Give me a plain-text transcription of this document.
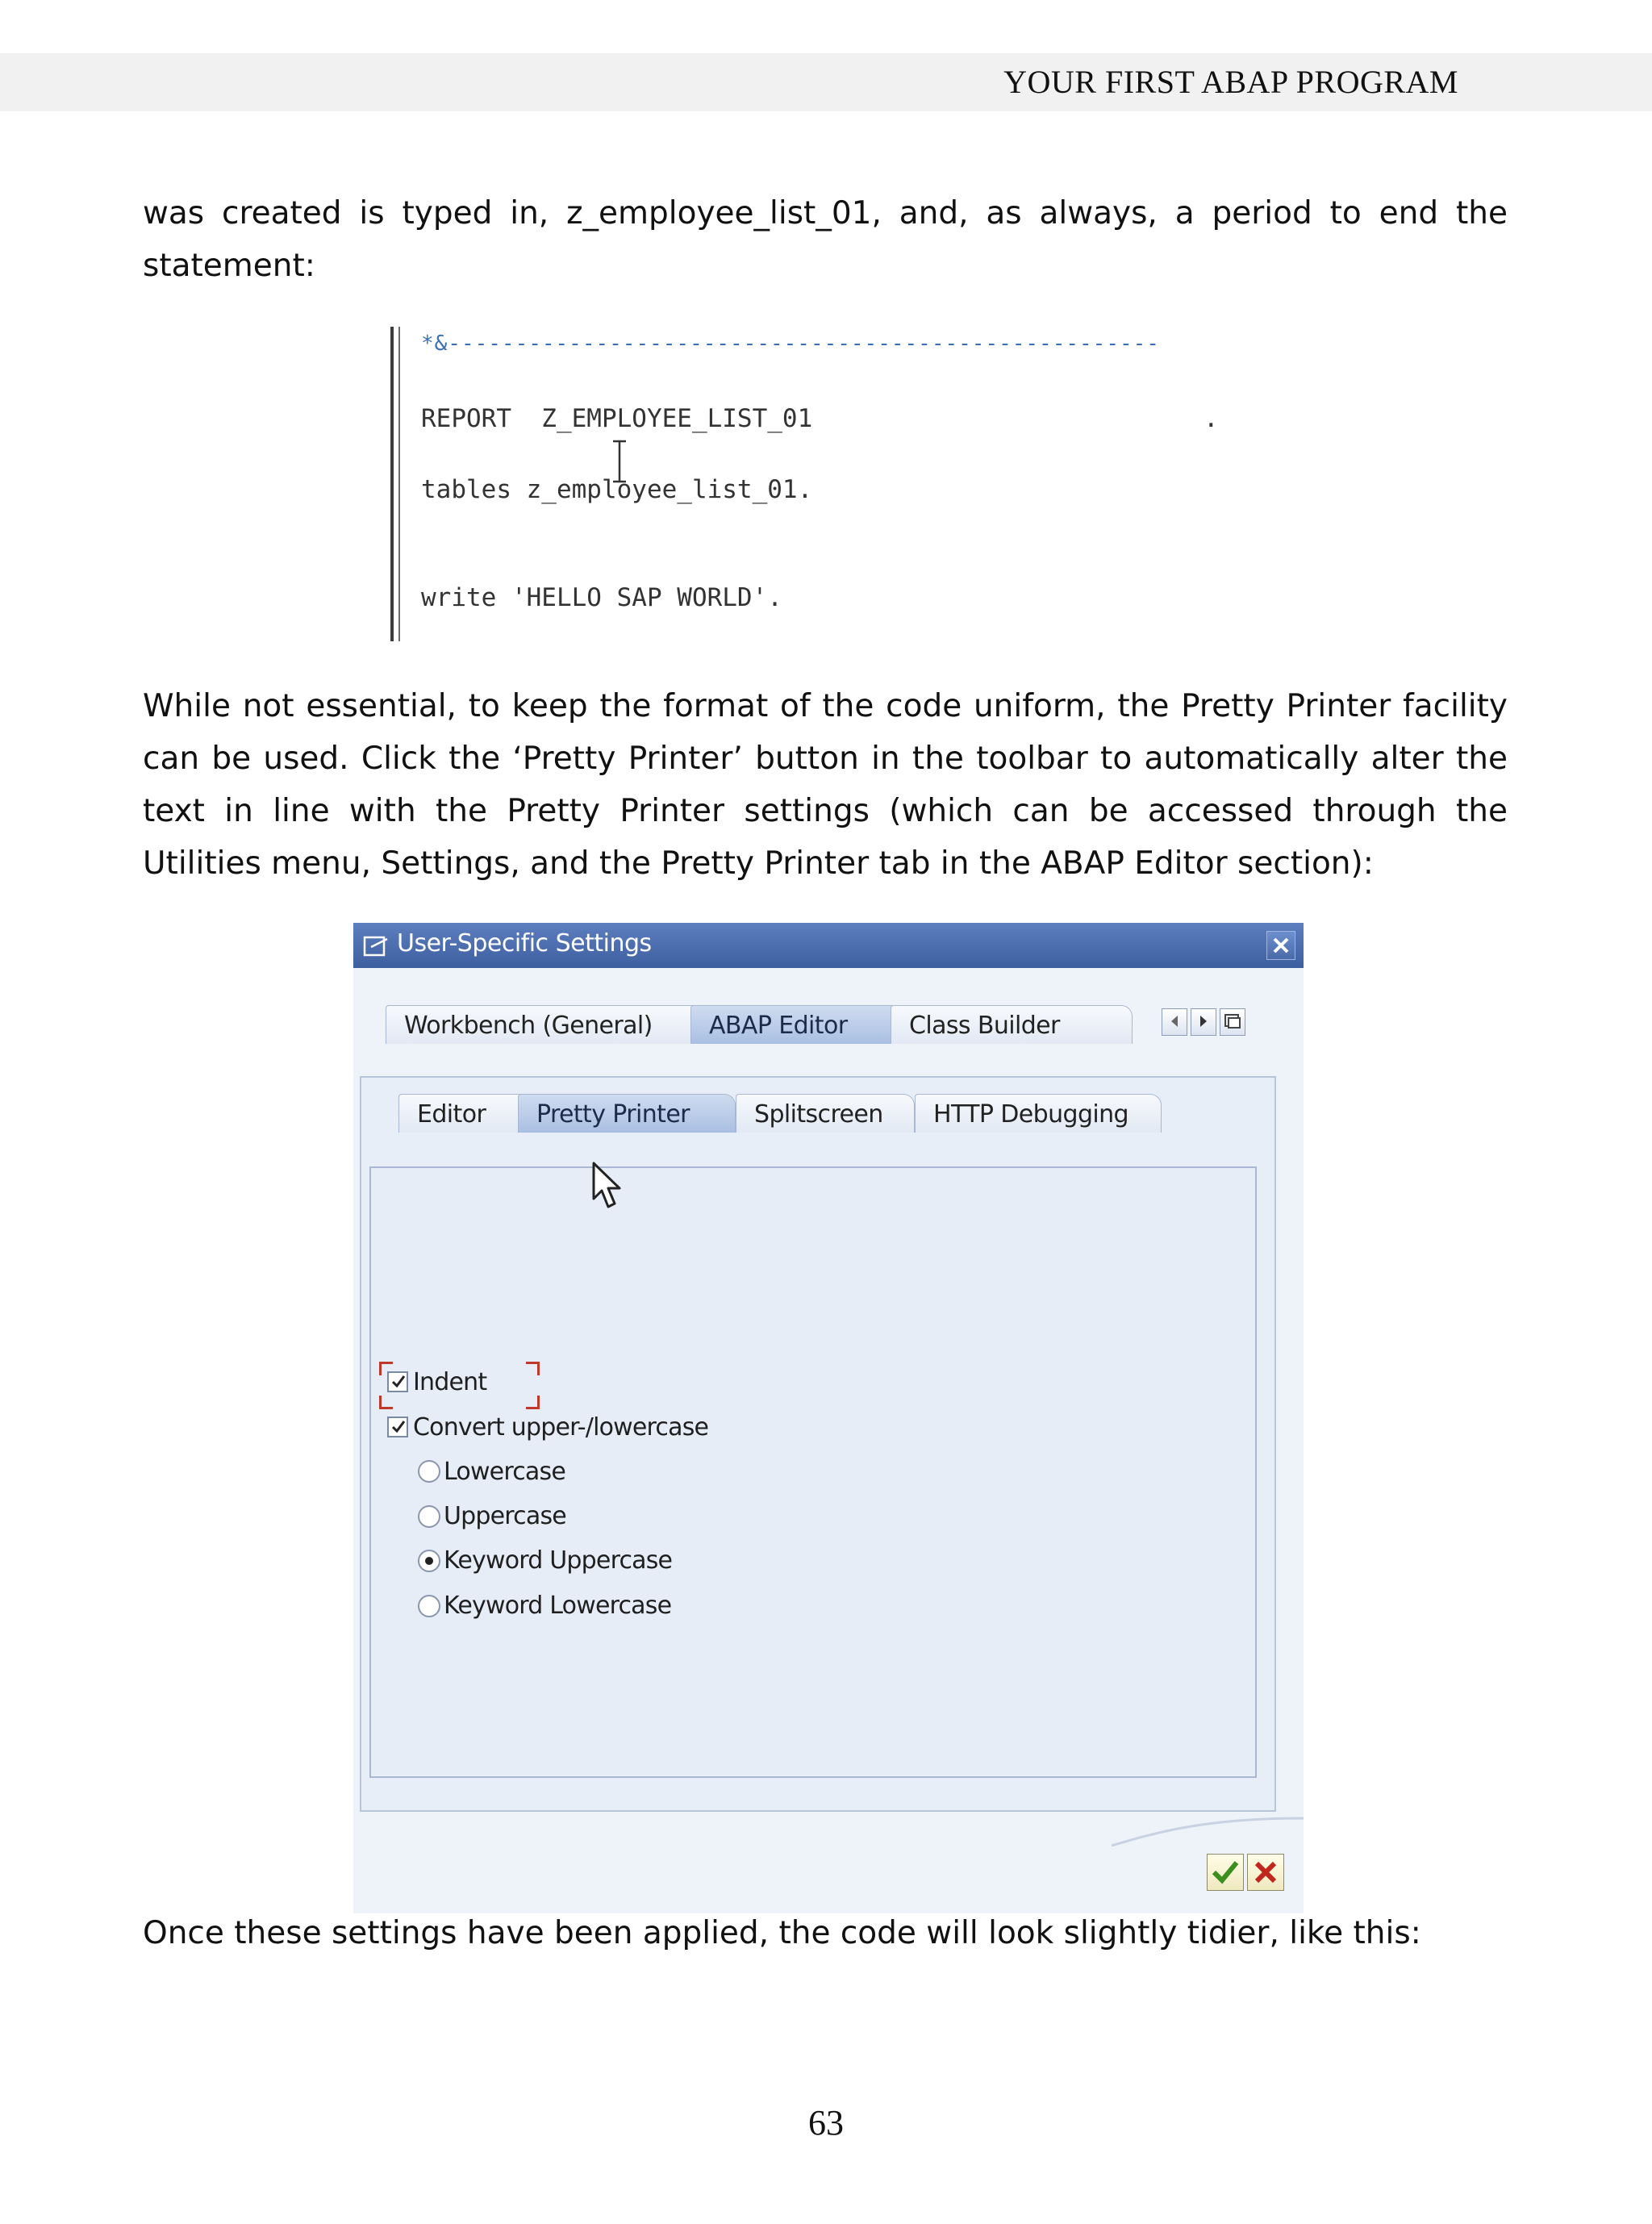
YOUR FIRST ABAP PROGRAM

was created is typed in, z_employee_list_01, and, as always, a period to end the statement:

*&-----------------------------------------------------
REPORT  Z_EMPLOYEE_LIST_01	.
tables z_employee_list_01.
write 'HELLO SAP WORLD'.

While not essential, to keep the format of the code uniform, the Pretty Printer facility can be used. Click the ‘Pretty Printer’ button in the toolbar to automatically alter the text in line with the Pretty Printer settings (which can be accessed through the Utilities menu, Settings, and the Pretty Printer tab in the ABAP Editor section):

User-Specific Settings
Workbench (General)	ABAP Editor	Class Builder
Editor	Pretty Printer	Splitscreen	HTTP Debugging
Indent
Convert upper-/lowercase
Lowercase
Uppercase
Keyword Uppercase
Keyword Lowercase

Once these settings have been applied, the code will look slightly tidier, like this:

63
